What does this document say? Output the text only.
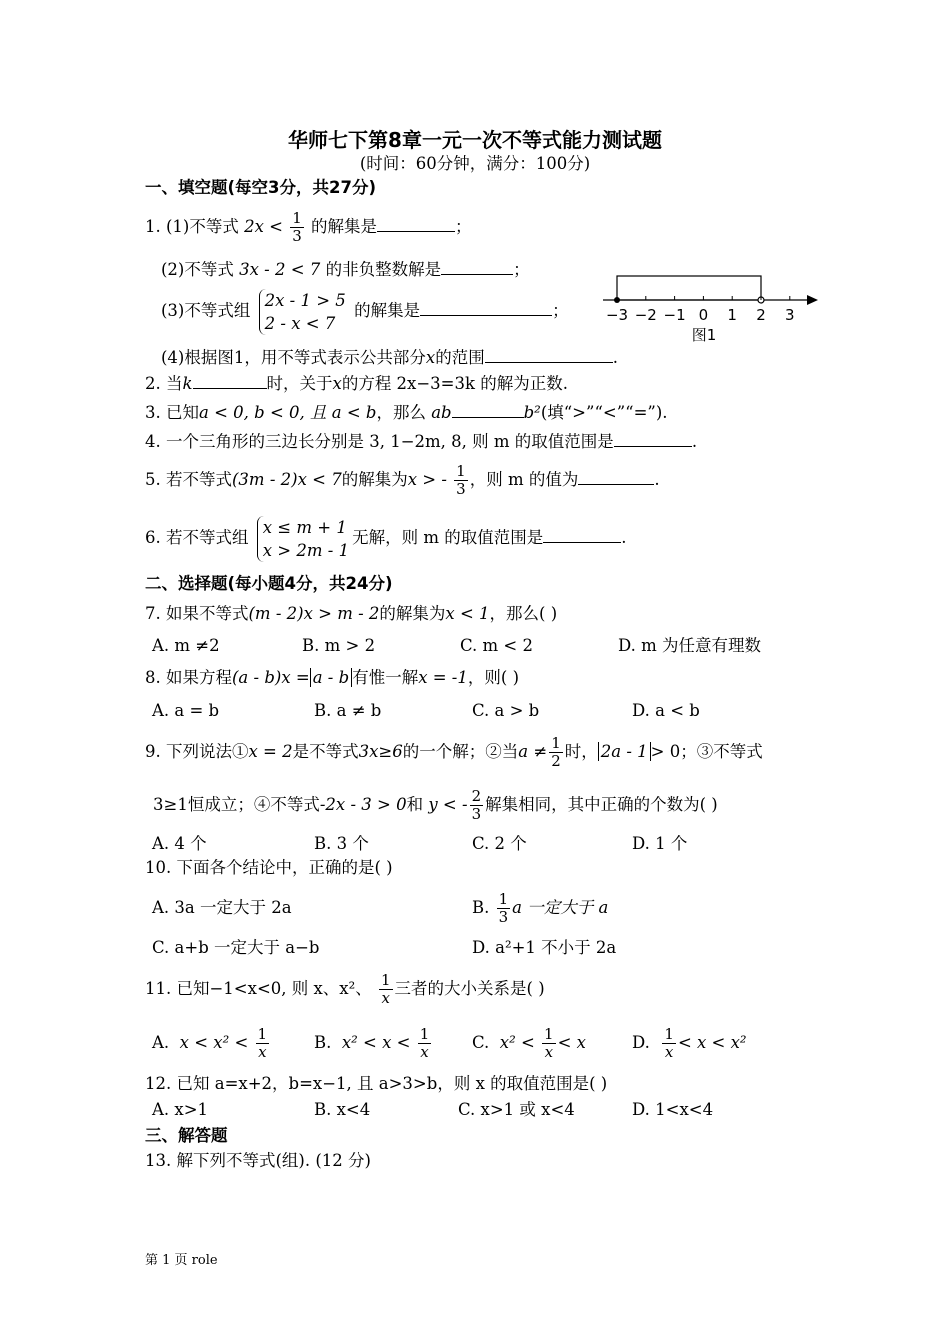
华师七下第8章一元一次不等式能力测试题
(时间：60分钟，满分：100分)
一、填空题(每空3分，共27分)
1. (1)不等式 $2x < \frac{1}{3}$ 的解集是	；
(2)不等式 3x - 2 < 7 的非负整数解是	；
(3)不等式组
2x - 1 > 5
2 - x < 7
的解集是	； −3 −2 −1 0 1 2 3
图1
(4)根据图1，用不等式表示公共部分x的范围	.
2. 当k	时，关于x的方程 2x−3=3k 的解为正数.
3. 已知a < 0, b < 0, 且 a < b，那么 ab	b²(填“>”“<”“=”).
4. 一个三角形的三边长分别是 3, 1−2m, 8, 则 m 的取值范围是	.
5. 若不等式(3m - 2)x < 7的解集为x > - $\frac{1}{3}$ ，则 m 的值为	.
6. 若不等式组
x ≤ m + 1
x > 2m - 1
无解，则 m 的取值范围是	.
二、选择题(每小题4分，共24分)
7. 如果不等式(m - 2)x > m - 2的解集为x < 1，那么( )
A. m ≠2	B. m > 2	C. m < 2	D. m 为任意有理数
8. 如果方程(a - b)x = a - b 有惟一解x = -1，则( )
A. a = b	B. a ≠ b	C. a > b	D. a < b
9. 下列说法①x = 2是不等式3x≥6的一个解；②当$a \ne \frac{1}{2}$ 时， 2a - 1 > 0；③不等式
3≥1恒成立；④不等式-2x - 3 > 0和 y < - $\frac{2}{3}$ 解集相同，其中正确的个数为( )
A. 4 个	B. 3 个	C. 2 个	D. 1 个
10. 下面各个结论中，正确的是( )
A. 3a 一定大于 2a	B. $\frac{1}{3}$ a 一定大于 a
C. a+b 一定大于 a−b	D. a²+1 不小于 2a
11. 已知−1<x<0, 则 x、x²、 $\frac{1}{x}$ 三者的大小关系是( )
A. $x < x^2 < \frac{1}{x}$	B. $x^2 < x < \frac{1}{x} C$. $x^2 < \frac{1}{x} < x$	D. $\frac{1}{x} < x < x^2$
12. 已知 a=x+2，b=x−1, 且 a>3>b，则 x 的取值范围是( )
A. x>1	B. x<4	C. x>1 或 x<4	D. 1<x<4
三、解答题
13. 解下列不等式(组). (12 分)
第 1 页 role
